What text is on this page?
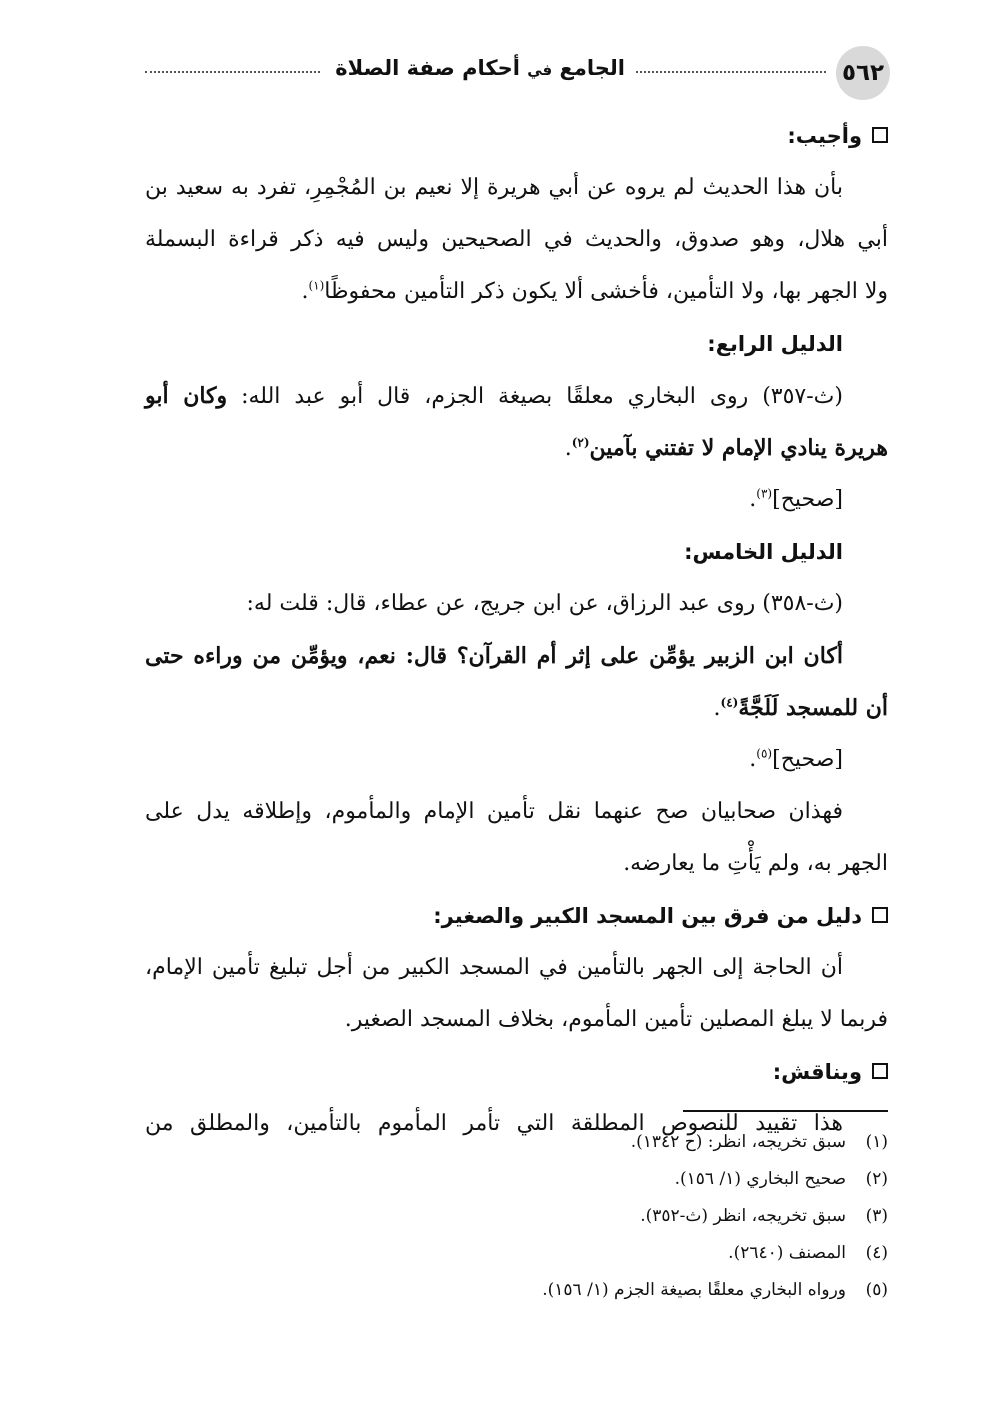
٥٦٢
الجامع في أحكام صفة الصلاة
وأجيب:
بأن هذا الحديث لم يروه عن أبي هريرة إلا نعيم بن المُجْمِرِ، تفرد به سعيد بن
أبي هلال، وهو صدوق، والحديث في الصحيحين وليس فيه ذكر قراءة البسملة
ولا الجهر بها، ولا التأمين، فأخشى ألا يكون ذكر التأمين محفوظًا$^{(١)}$.
الدليل الرابع:
(ث-٣٥٧) روى البخاري معلقًا بصيغة الجزم، قال أبو عبد الله: وكان أبو
هريرة ينادي الإمام لا تفتني بآمين$^{(٢)}$.
[صحيح]$^{(٣)}$.
الدليل الخامس:
(ث-٣٥٨) روى عبد الرزاق، عن ابن جريج، عن عطاء، قال: قلت له:
أكان ابن الزبير يؤمِّن على إثر أم القرآن؟ قال: نعم، ويؤمِّن من وراءه حتى
أن للمسجد لَلَجَّةً$^{(٤)}$.
[صحيح]$^{(٥)}$.
فهذان صحابيان صح عنهما نقل تأمين الإمام والمأموم، وإطلاقه يدل على
الجهر به، ولم يَأْتِ ما يعارضه.
دليل من فرق بين المسجد الكبير والصغير:
أن الحاجة إلى الجهر بالتأمين في المسجد الكبير من أجل تبليغ تأمين الإمام،
فربما لا يبلغ المصلين تأمين المأموم، بخلاف المسجد الصغير.
ويناقش:
هذا تقييد للنصوص المطلقة التي تأمر المأموم بالتأمين، والمطلق من
(١)سبق تخريجه، انظر: (ح ١٣٤٢).
(٢)صحيح البخاري (١/ ١٥٦).
(٣)سبق تخريجه، انظر (ث-٣٥٢).
(٤)المصنف (٢٦٤٠).
(٥)ورواه البخاري معلقًا بصيغة الجزم (١/ ١٥٦).
